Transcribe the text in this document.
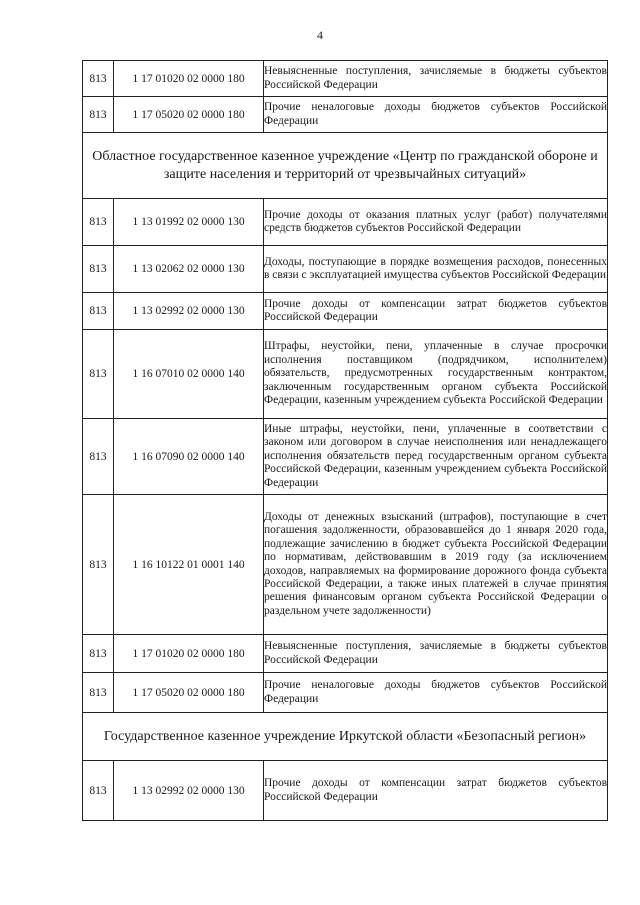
4
813	1 17 01020 02 0000 180	Невыясненные поступления, зачисляемые в бюджеты субъектов Российской Федерации
813	1 17 05020 02 0000 180	Прочие неналоговые доходы бюджетов субъектов Российской Федерации
Областное государственное казенное учреждение «Центр по гражданской обороне и защите населения и территорий от чрезвычайных ситуаций»		
813	1 13 01992 02 0000 130	Прочие доходы от оказания платных услуг (работ) получателями средств бюджетов субъектов Российской Федерации
813	1 13 02062 02 0000 130	Доходы, поступающие в порядке возмещения расходов, понесенных в связи с эксплуатацией имущества субъектов Российской Федерации
813	1 13 02992 02 0000 130	Прочие доходы от компенсации затрат бюджетов субъектов Российской Федерации
813	1 16 07010 02 0000 140	Штрафы, неустойки, пени, уплаченные в случае просрочки исполнения поставщиком (подрядчиком, исполнителем) обязательств, предусмотренных государственным контрактом, заключенным государственным органом субъекта Российской Федерации, казенным учреждением субъекта Российской Федерации
813	1 16 07090 02 0000 140	Иные штрафы, неустойки, пени, уплаченные в соответствии с законом или договором в случае неисполнения или ненадлежащего исполнения обязательств перед государственным органом субъекта Российской Федерации, казенным учреждением субъекта Российской Федерации
813	1 16 10122 01 0001 140	Доходы от денежных взысканий (штрафов), поступающие в счет погашения задолженности, образовавшейся до 1 января 2020 года, подлежащие зачислению в бюджет субъекта Российской Федерации по нормативам, действовавшим в 2019 году (за исключением доходов, направляемых на формирование дорожного фонда субъекта Российской Федерации, а также иных платежей в случае принятия решения финансовым органом субъекта Российской Федерации о раздельном учете задолженности)
813	1 17 01020 02 0000 180	Невыясненные поступления, зачисляемые в бюджеты субъектов Российской Федерации
813	1 17 05020 02 0000 180	Прочие неналоговые доходы бюджетов субъектов Российской Федерации
Государственное казенное учреждение Иркутской области «Безопасный регион»		
813	1 13 02992 02 0000 130	Прочие доходы от компенсации затрат бюджетов субъектов Российской Федерации
